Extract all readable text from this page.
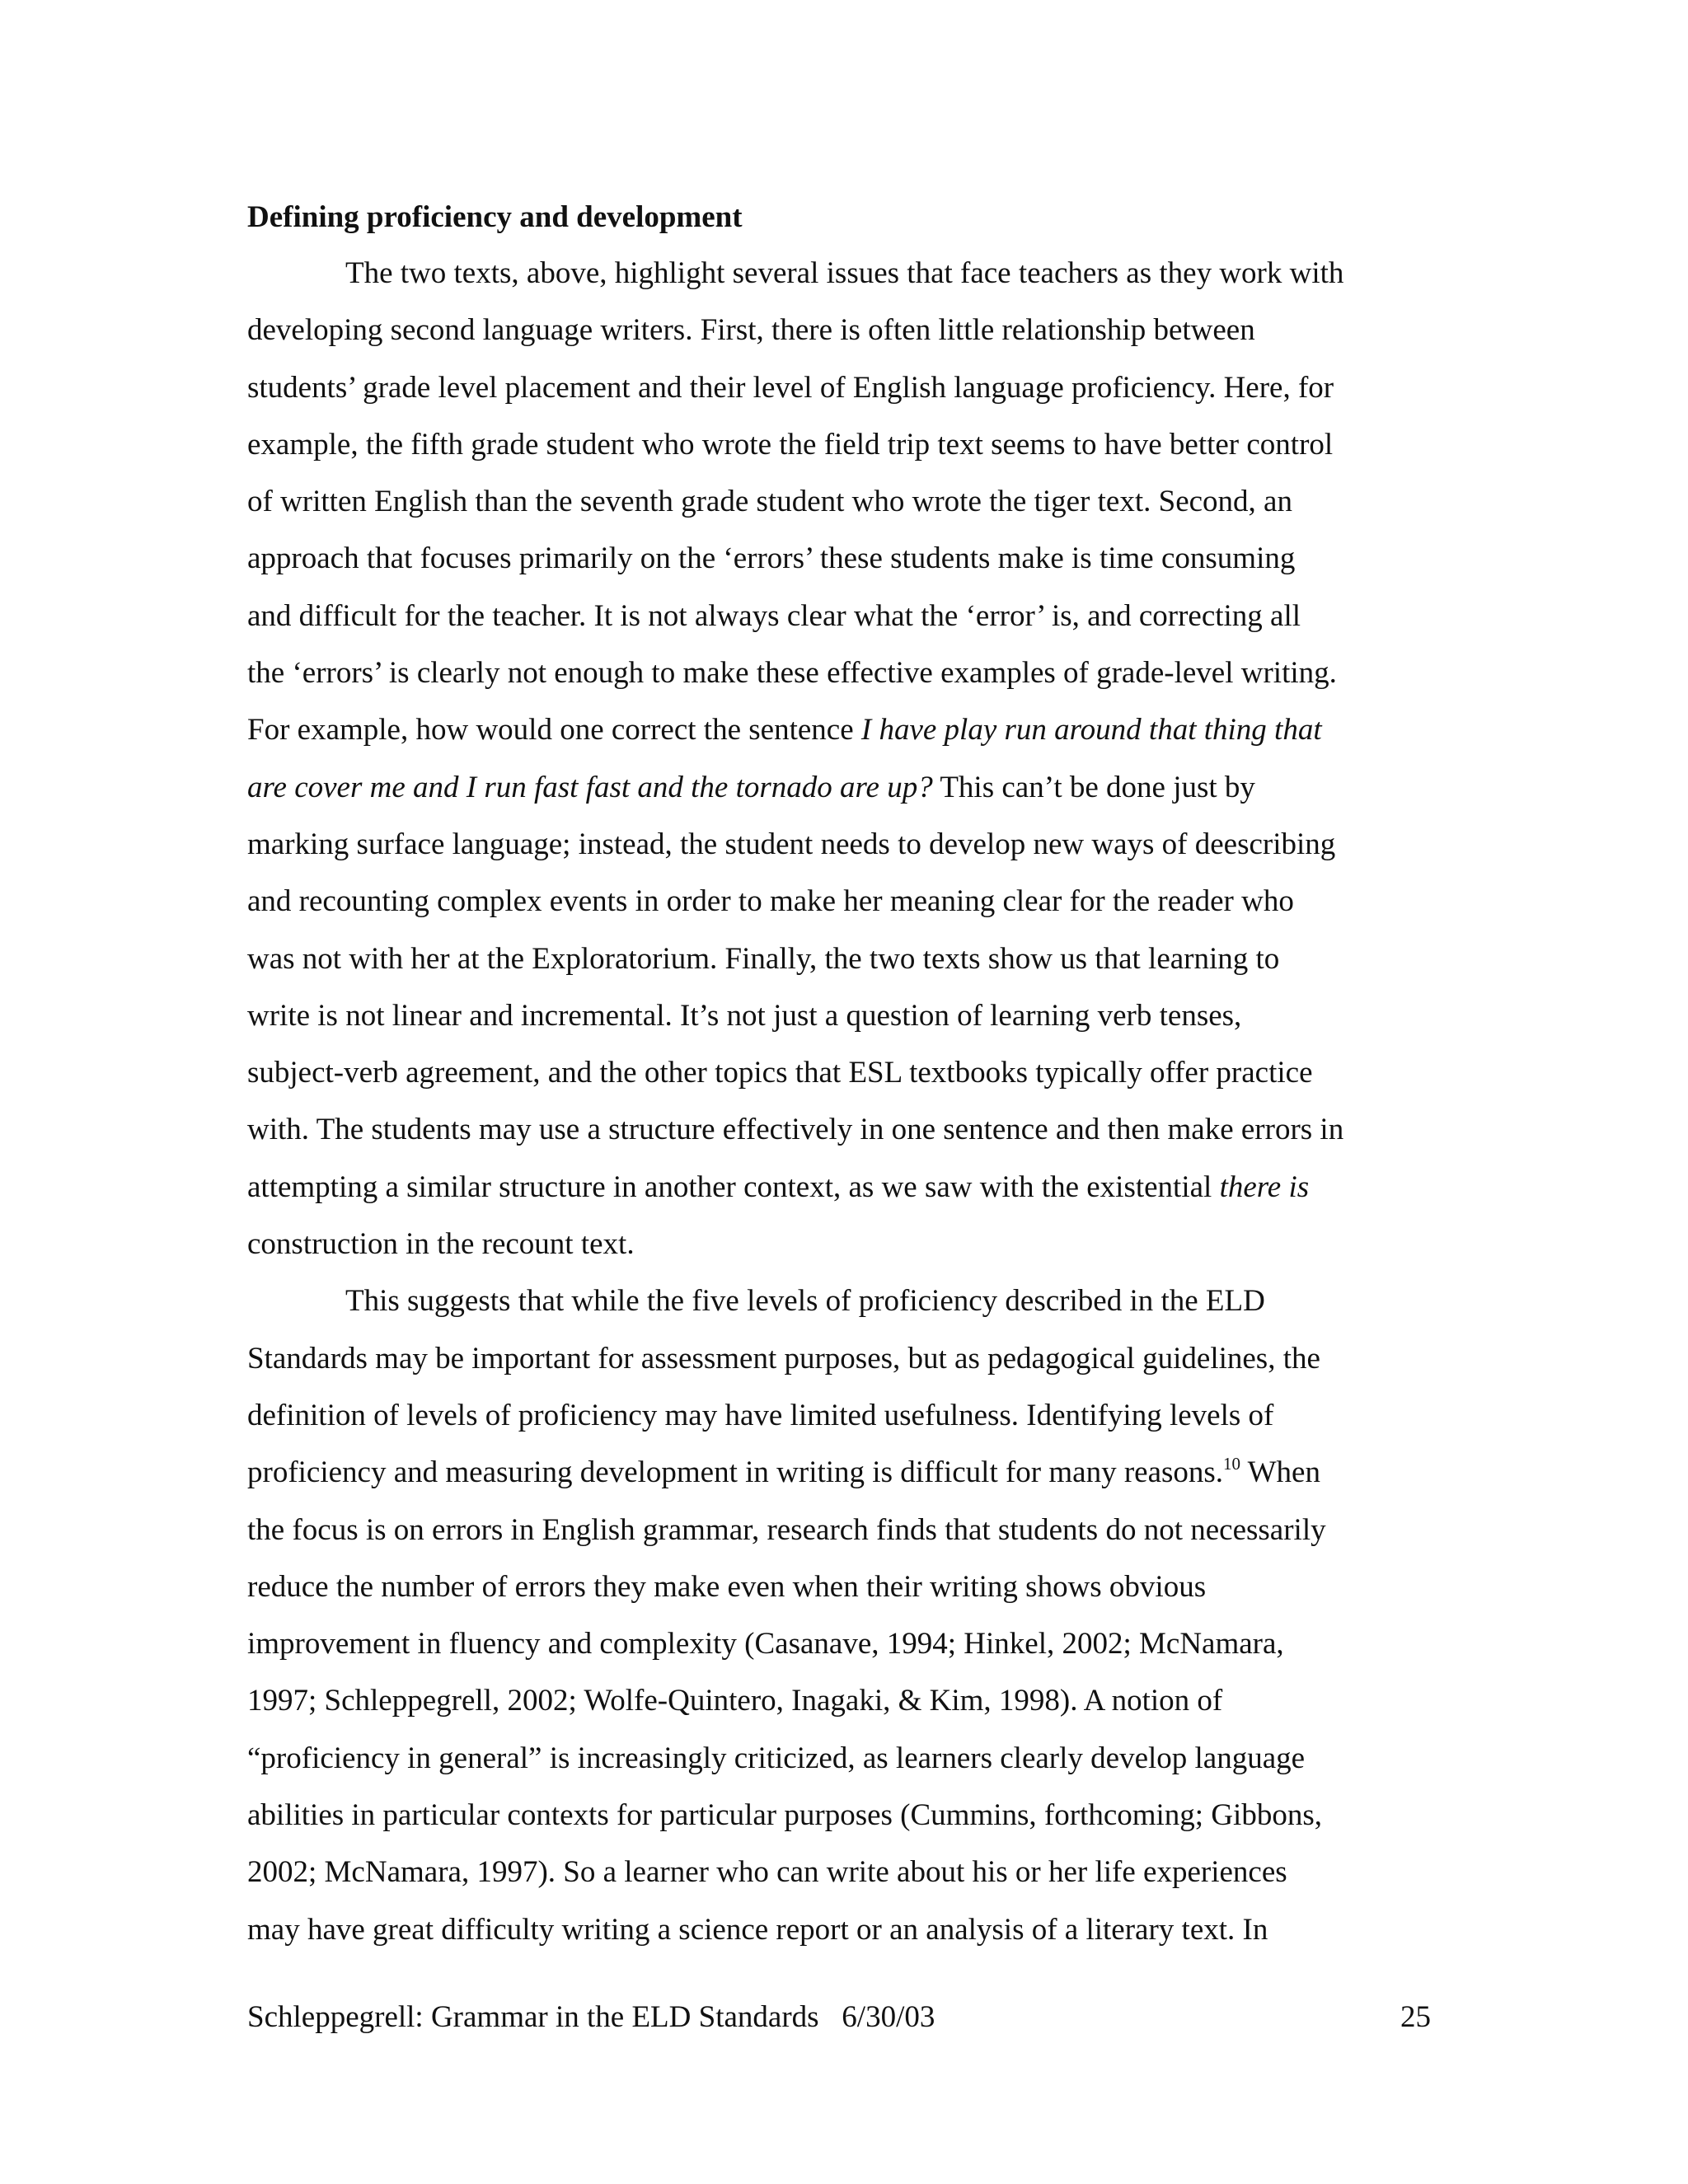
Defining proficiency and development
The two texts, above, highlight several issues that face teachers as they work with
developing second language writers. First, there is often little relationship between
students’ grade level placement and their level of English language proficiency. Here, for
example, the fifth grade student who wrote the field trip text seems to have better control
of written English than the seventh grade student who wrote the tiger text. Second, an
approach that focuses primarily on the ‘errors’ these students make is time consuming
and difficult for the teacher. It is not always clear what the ‘error’ is, and correcting all
the ‘errors’ is clearly not enough to make these effective examples of grade-level writing.
For example, how would one correct the sentence I have play run around that thing that
are cover me and I run fast fast and the tornado are up? This can’t be done just by
marking surface language; instead, the student needs to develop new ways of deescribing
and recounting complex events in order to make her meaning clear for the reader who
was not with her at the Exploratorium. Finally, the two texts show us that learning to
write is not linear and incremental. It’s not just a question of learning verb tenses,
subject-verb agreement, and the other topics that ESL textbooks typically offer practice
with. The students may use a structure effectively in one sentence and then make errors in
attempting a similar structure in another context, as we saw with the existential there is
construction in the recount text.
This suggests that while the five levels of proficiency described in the ELD
Standards may be important for assessment purposes, but as pedagogical guidelines, the
definition of levels of proficiency may have limited usefulness. Identifying levels of
proficiency and measuring development in writing is difficult for many reasons.$^{10}$ When
the focus is on errors in English grammar, research finds that students do not necessarily
reduce the number of errors they make even when their writing shows obvious
improvement in fluency and complexity (Casanave, 1994; Hinkel, 2002; McNamara,
1997; Schleppegrell, 2002; Wolfe-Quintero, Inagaki, & Kim, 1998). A notion of
“proficiency in general” is increasingly criticized, as learners clearly develop language
abilities in particular contexts for particular purposes (Cummins, forthcoming; Gibbons,
2002; McNamara, 1997). So a learner who can write about his or her life experiences
may have great difficulty writing a science report or an analysis of a literary text. In
Schleppegrell: Grammar in the ELD Standards   6/30/03	25
